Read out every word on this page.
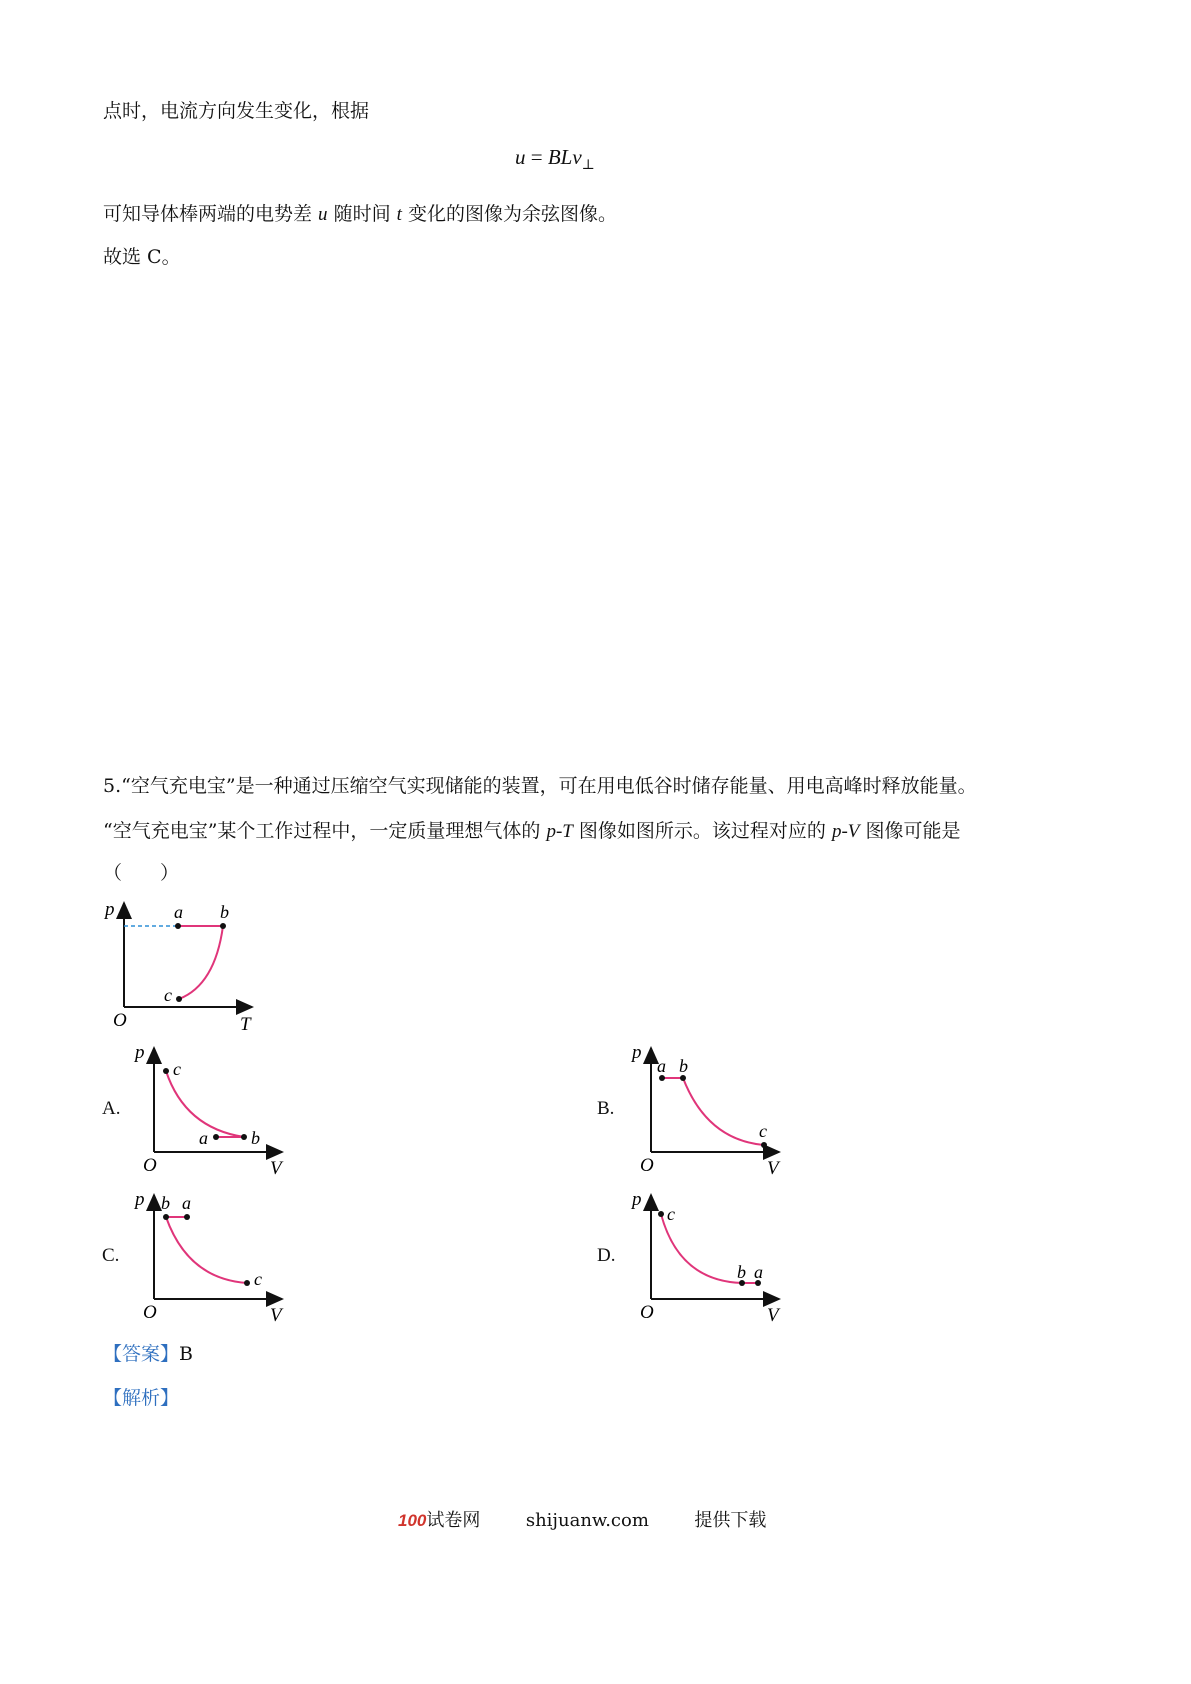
点时，电流方向发生变化，根据
u = BLv$_\perp$
可知导体棒两端的电势差 u 随时间 t 变化的图像为余弦图像。
故选 C。
5.“空气充电宝”是一种通过压缩空气实现储能的装置，可在用电低谷时储存能量、用电高峰时释放能量。
“空气充电宝”某个工作过程中，一定质量理想气体的 p-T 图像如图所示。该过程对应的 p-V 图像可能是
（　　）
p
O	T
a b
c
A.
p
O	V
c
a b
B.
p
O	V
a b
c
C.
p
O	V
b a
c
D.
p
O	V
c
b a
【答案】B
【解析】
100试卷网	shijuanw.com	提供下载
